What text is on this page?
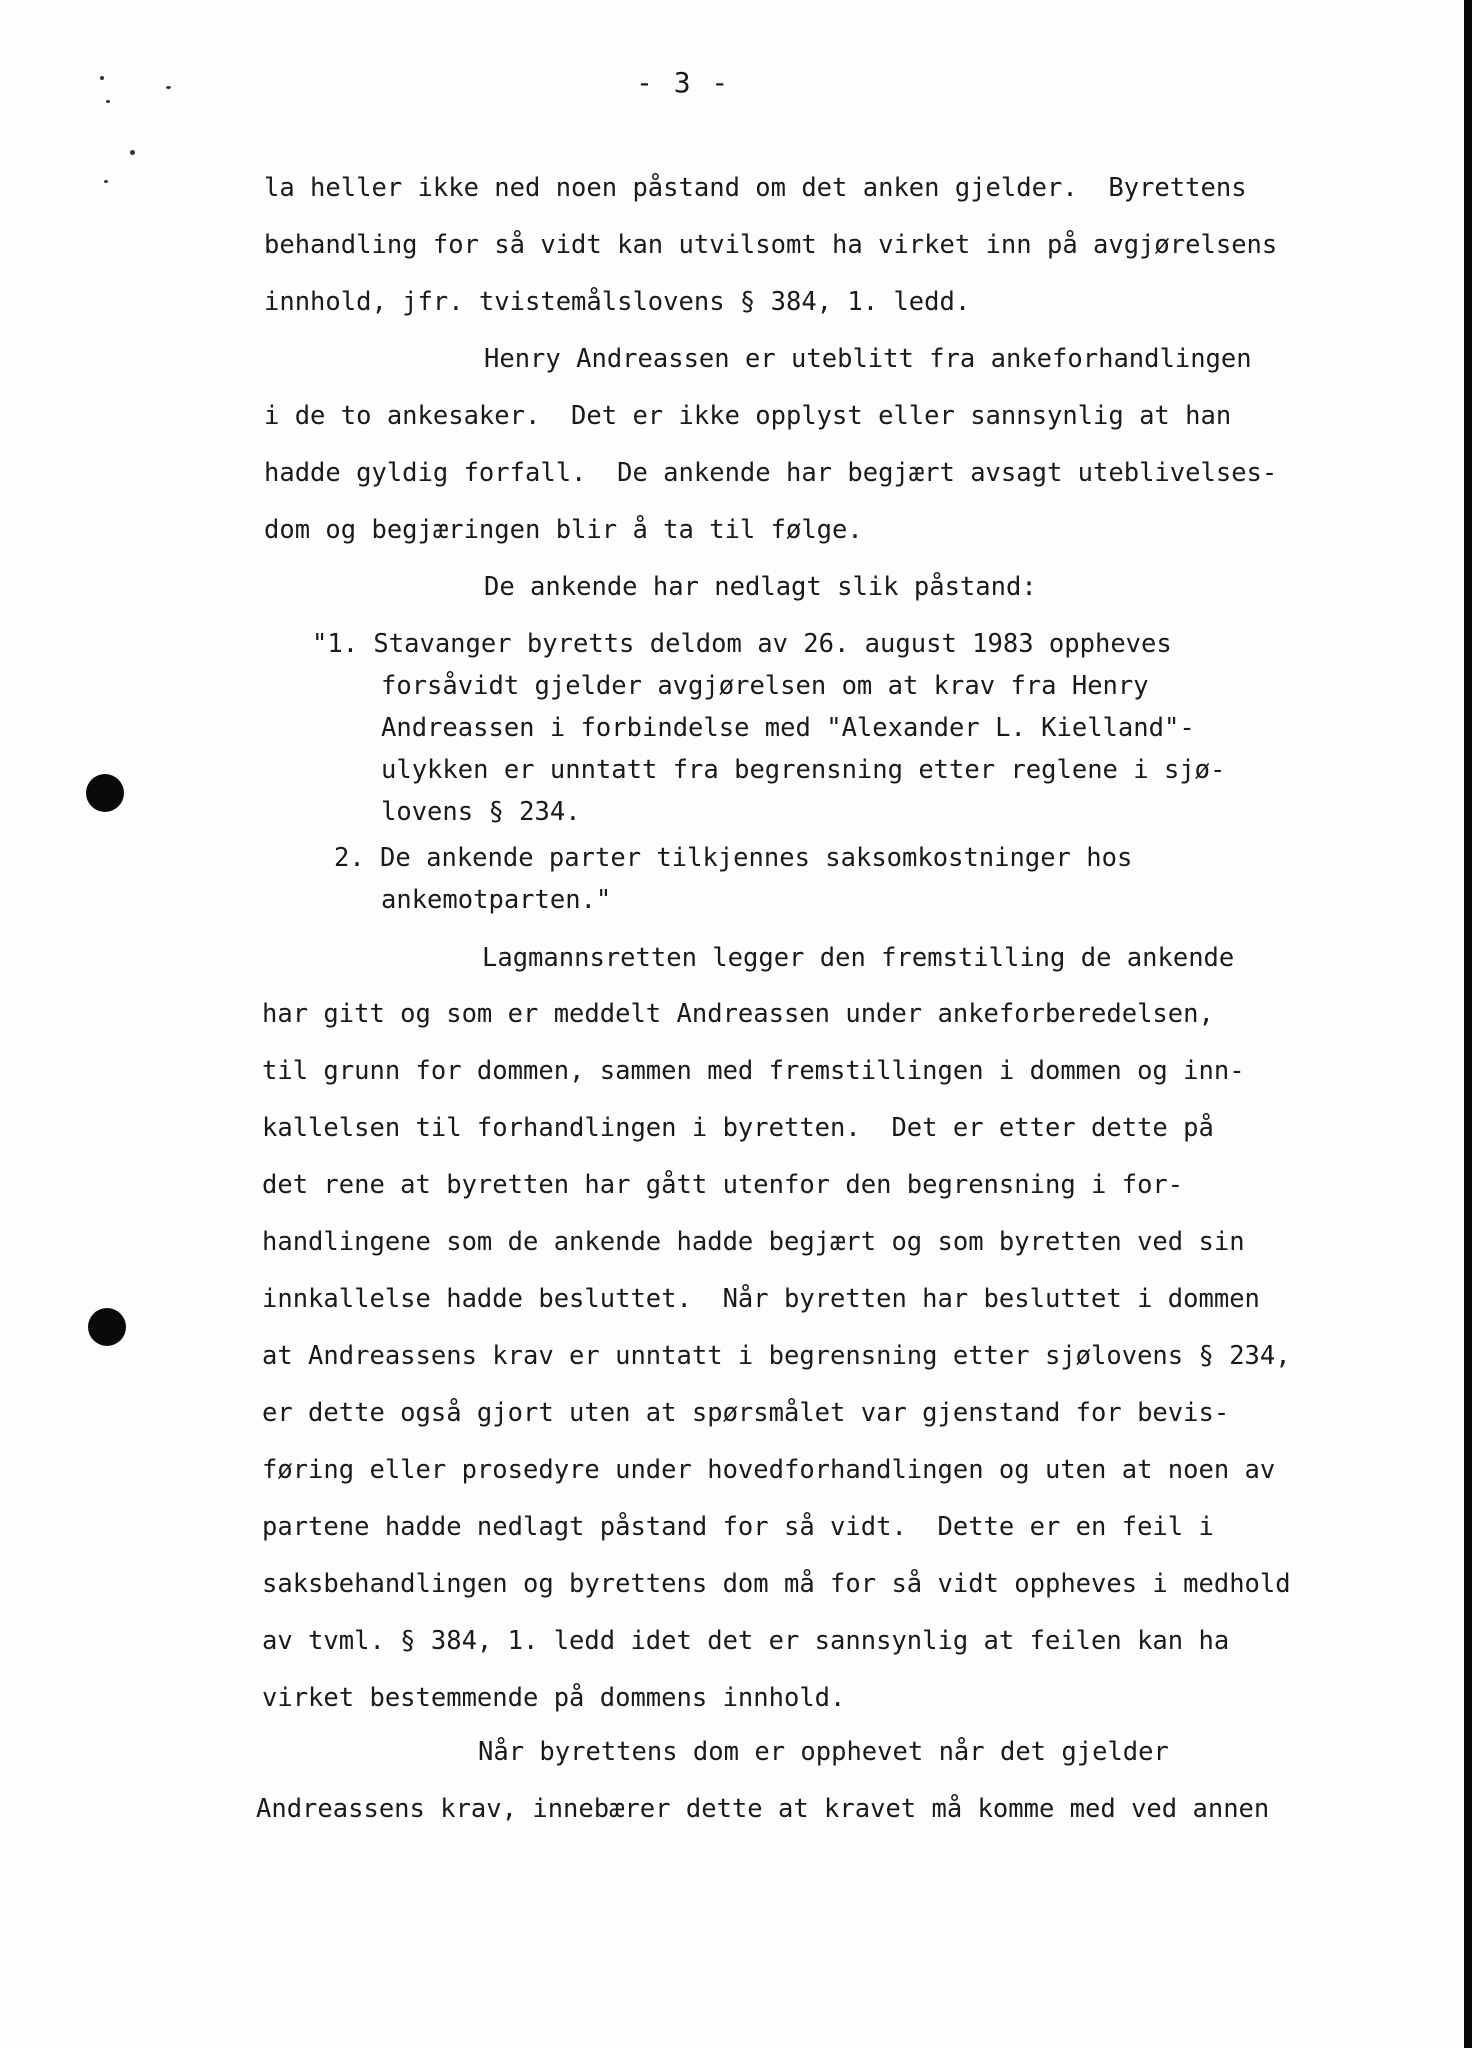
- 3 -
la heller ikke ned noen påstand om det anken gjelder.  Byrettens
behandling for så vidt kan utvilsomt ha virket inn på avgjørelsens
innhold, jfr. tvistemålslovens § 384, 1. ledd.
Henry Andreassen er uteblitt fra ankeforhandlingen
i de to ankesaker.  Det er ikke opplyst eller sannsynlig at han
hadde gyldig forfall.  De ankende har begjært avsagt uteblivelses-
dom og begjæringen blir å ta til følge.
De ankende har nedlagt slik påstand:
"1. Stavanger byretts deldom av 26. august 1983 oppheves
forsåvidt gjelder avgjørelsen om at krav fra Henry
Andreassen i forbindelse med "Alexander L. Kielland"-
ulykken er unntatt fra begrensning etter reglene i sjø-
lovens § 234.
2. De ankende parter tilkjennes saksomkostninger hos
ankemotparten."
Lagmannsretten legger den fremstilling de ankende
har gitt og som er meddelt Andreassen under ankeforberedelsen,
til grunn for dommen, sammen med fremstillingen i dommen og inn-
kallelsen til forhandlingen i byretten.  Det er etter dette på
det rene at byretten har gått utenfor den begrensning i for-
handlingene som de ankende hadde begjært og som byretten ved sin
innkallelse hadde besluttet.  Når byretten har besluttet i dommen
at Andreassens krav er unntatt i begrensning etter sjølovens § 234,
er dette også gjort uten at spørsmålet var gjenstand for bevis-
føring eller prosedyre under hovedforhandlingen og uten at noen av
partene hadde nedlagt påstand for så vidt.  Dette er en feil i
saksbehandlingen og byrettens dom må for så vidt oppheves i medhold
av tvml. § 384, 1. ledd idet det er sannsynlig at feilen kan ha
virket bestemmende på dommens innhold.
Når byrettens dom er opphevet når det gjelder
Andreassens krav, innebærer dette at kravet må komme med ved annen
